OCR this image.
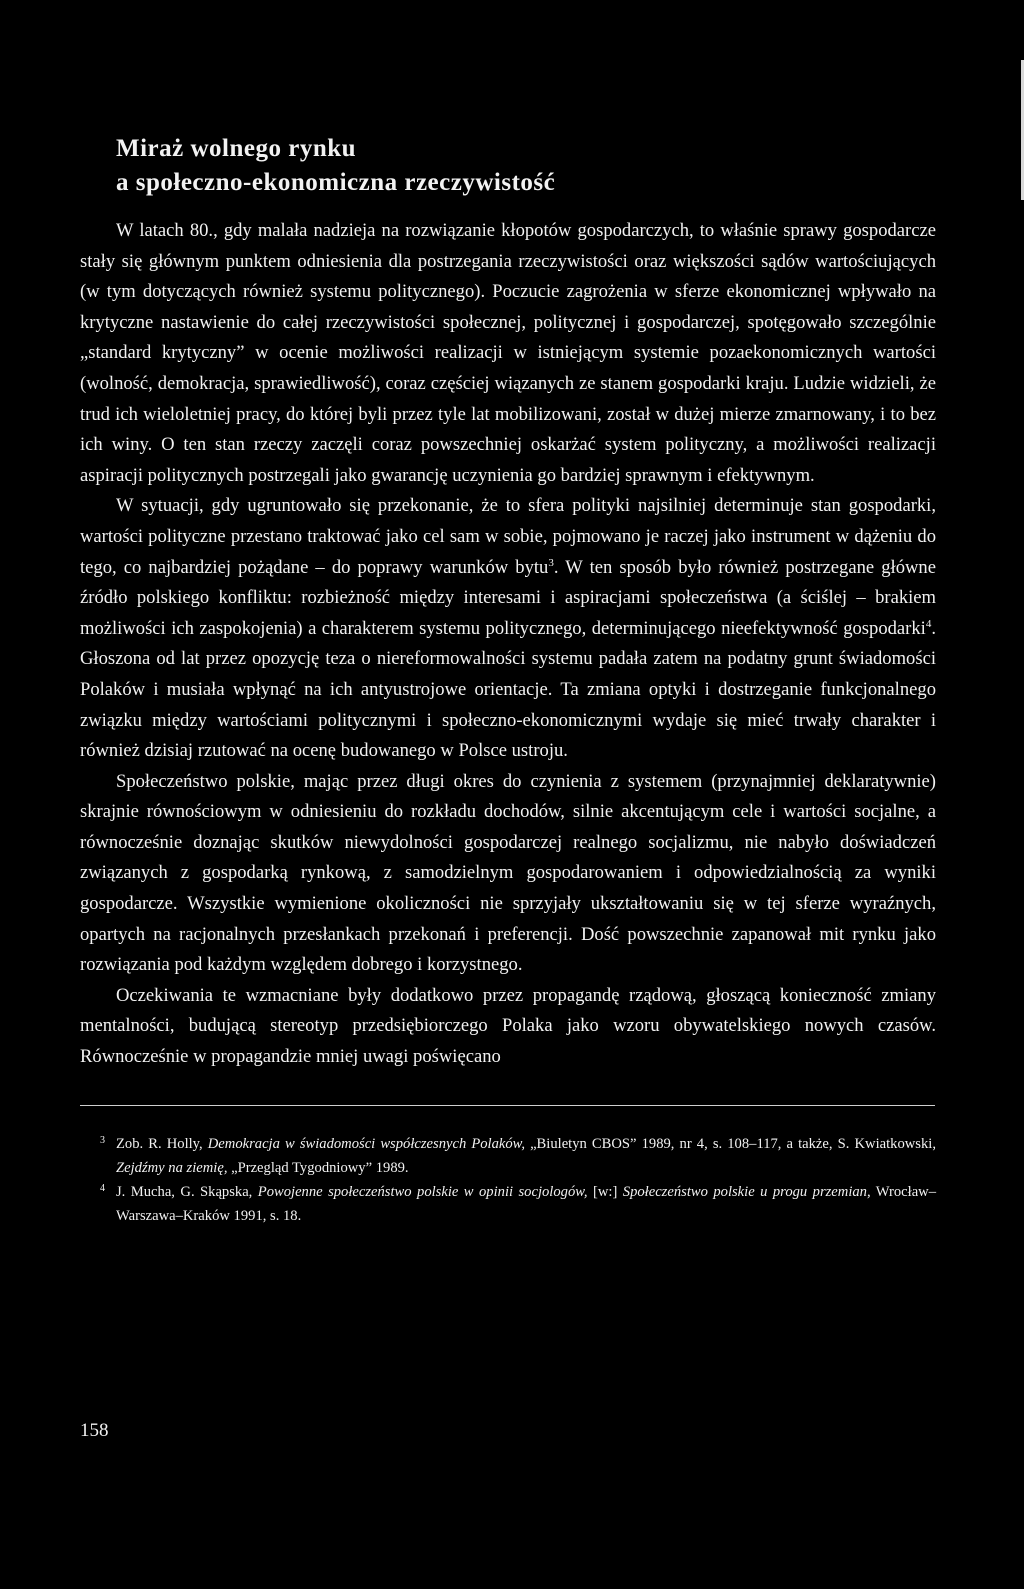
Miraż wolnego rynku
a społeczno-ekonomiczna rzeczywistość

W latach 80., gdy malała nadzieja na rozwiązanie kłopotów gospodarczych, to właśnie sprawy gospodarcze stały się głównym punktem odniesienia dla postrzegania rzeczywistości oraz większości sądów wartościujących (w tym dotyczących również systemu politycznego). Poczucie zagrożenia w sferze ekonomicznej wpływało na krytyczne nastawienie do całej rzeczywistości społecznej, politycznej i gospodarczej, spotęgowało szczególnie „standard krytyczny” w ocenie możliwości realizacji w istniejącym systemie pozaekonomicznych wartości (wolność, demokracja, sprawiedliwość), coraz częściej wiązanych ze stanem gospodarki kraju. Ludzie widzieli, że trud ich wieloletniej pracy, do której byli przez tyle lat mobilizowani, został w dużej mierze zmarnowany, i to bez ich winy. O ten stan rzeczy zaczęli coraz powszechniej oskarżać system polityczny, a możliwości realizacji aspiracji politycznych postrzegali jako gwarancję uczynienia go bardziej sprawnym i efektywnym.

W sytuacji, gdy ugruntowało się przekonanie, że to sfera polityki najsilniej determinuje stan gospodarki, wartości polityczne przestano traktować jako cel sam w sobie, pojmowano je raczej jako instrument w dążeniu do tego, co najbardziej pożądane – do poprawy warunków bytu$^3$. W ten sposób było również postrzegane główne źródło polskiego konfliktu: rozbieżność między interesami i aspiracjami społeczeństwa (a ściślej – brakiem możliwości ich zaspokojenia) a charakterem systemu politycznego, determinującego nieefektywność gospodarki$^4$. Głoszona od lat przez opozycję teza o niereformowalności systemu padała zatem na podatny grunt świadomości Polaków i musiała wpłynąć na ich antyustrojowe orientacje. Ta zmiana optyki i dostrzeganie funkcjonalnego związku między wartościami politycznymi i społeczno-ekonomicznymi wydaje się mieć trwały charakter i również dzisiaj rzutować na ocenę budowanego w Polsce ustroju.

Społeczeństwo polskie, mając przez długi okres do czynienia z systemem (przynajmniej deklaratywnie) skrajnie równościowym w odniesieniu do rozkładu dochodów, silnie akcentującym cele i wartości socjalne, a równocześnie doznając skutków niewydolności gospodarczej realnego socjalizmu, nie nabyło doświadczeń związanych z gospodarką rynkową, z samodzielnym gospodarowaniem i odpowiedzialnością za wyniki gospodarcze. Wszystkie wymienione okoliczności nie sprzyjały ukształtowaniu się w tej sferze wyraźnych, opartych na racjonalnych przesłankach przekonań i preferencji. Dość powszechnie zapanował mit rynku jako rozwiązania pod każdym względem dobrego i korzystnego.

Oczekiwania te wzmacniane były dodatkowo przez propagandę rządową, głoszącą konieczność zmiany mentalności, budującą stereotyp przedsiębiorczego Polaka jako wzoru obywatelskiego nowych czasów. Równocześnie w propagandzie mniej uwagi poświęcano

3 Zob. R. Holly, Demokracja w świadomości współczesnych Polaków, „Biuletyn CBOS” 1989, nr 4, s. 108–117, a także, S. Kwiatkowski, Zejdźmy na ziemię, „Przegląd Tygodniowy” 1989.
4 J. Mucha, G. Skąpska, Powojenne społeczeństwo polskie w opinii socjologów, [w:] Społeczeństwo polskie u progu przemian, Wrocław–Warszawa–Kraków 1991, s. 18.
158
